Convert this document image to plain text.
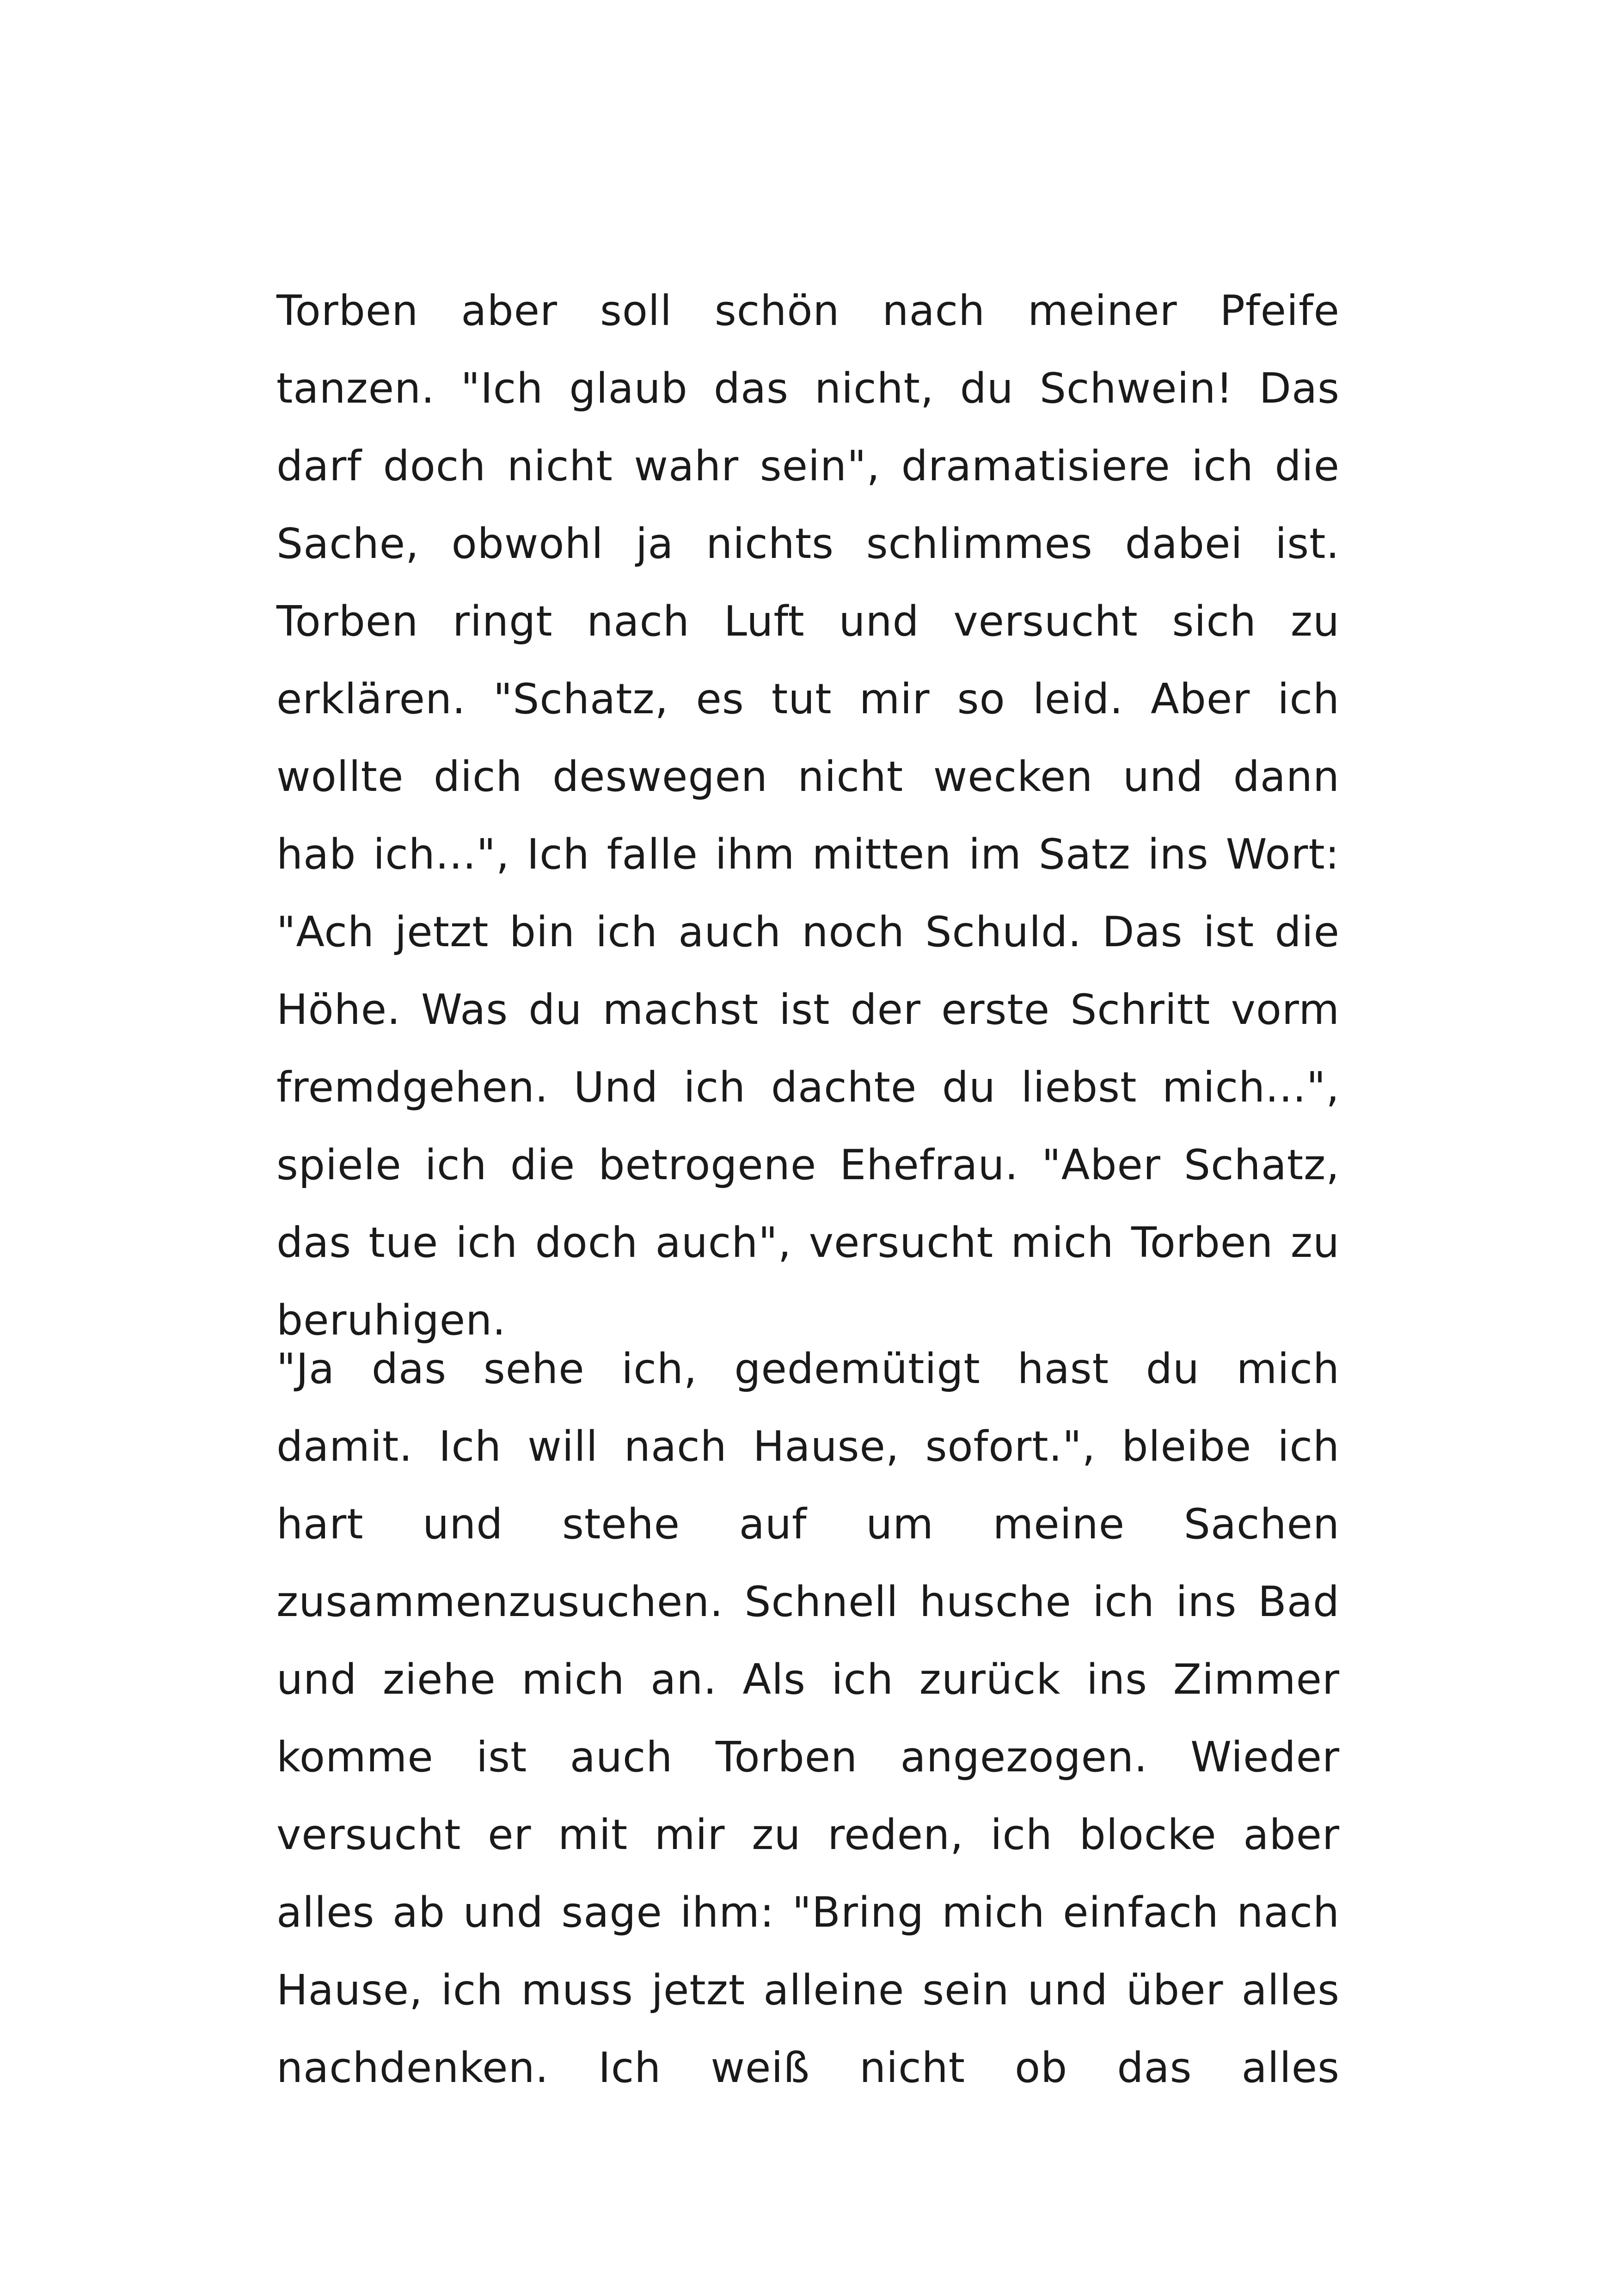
Torben aber soll schön nach meiner Pfeife tanzen. "Ich glaub das nicht, du Schwein! Das darf doch nicht wahr sein", dramatisiere ich die Sache, obwohl ja nichts schlimmes dabei ist. Torben ringt nach Luft und versucht sich zu erklären. "Schatz, es tut mir so leid. Aber ich wollte dich deswegen nicht wecken und dann hab ich...", Ich falle ihm mitten im Satz ins Wort: "Ach jetzt bin ich auch noch Schuld. Das ist die Höhe. Was du machst ist der erste Schritt vorm fremdgehen. Und ich dachte du liebst mich...", spiele ich die betrogene Ehefrau. "Aber Schatz, das tue ich doch auch", versucht mich Torben zu beruhigen.

"Ja das sehe ich, gedemütigt hast du mich damit. Ich will nach Hause, sofort.", bleibe ich hart und stehe auf um meine Sachen zusammenzusuchen. Schnell husche ich ins Bad und ziehe mich an. Als ich zurück ins Zimmer komme ist auch Torben angezogen. Wieder versucht er mit mir zu reden, ich blocke aber alles ab und sage ihm: "Bring mich einfach nach Hause, ich muss jetzt alleine sein und über alles nachdenken. Ich weiß nicht ob das alles
